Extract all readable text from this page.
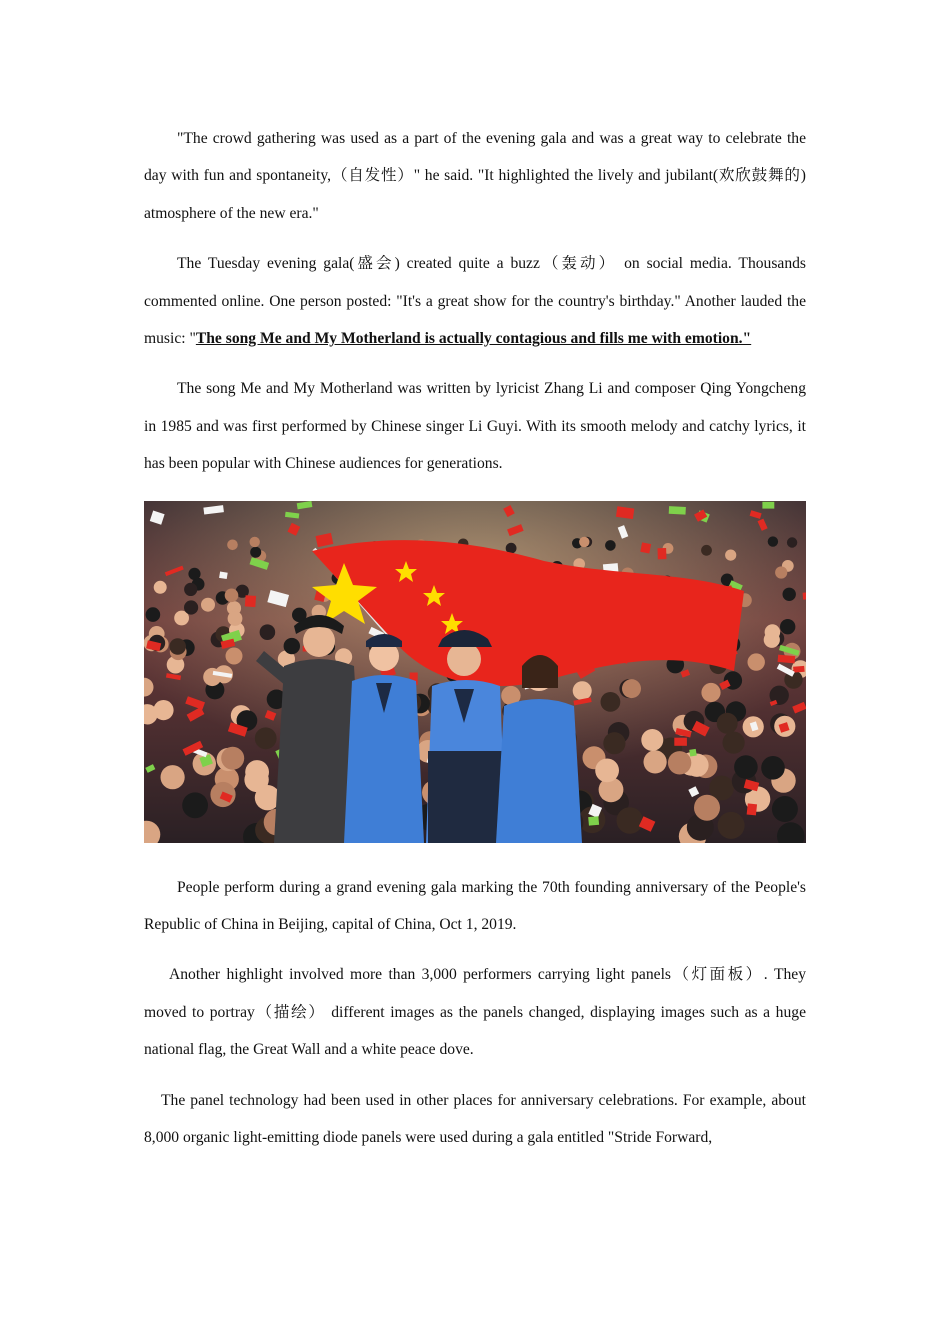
"The crowd gathering was used as a part of the evening gala and was a great way to celebrate the day with fun and spontaneity,（自发性）" he said. "It highlighted the lively and jubilant(欢欣鼓舞的) atmosphere of the new era."

The Tuesday evening gala(盛会) created quite a buzz（轰动） on social media. Thousands commented online. One person posted: "It's a great show for the country's birthday." Another lauded the music: "The song Me and My Motherland is actually contagious and fills me with emotion."

The song Me and My Motherland was written by lyricist Zhang Li and composer Qing Yongcheng in 1985 and was first performed by Chinese singer Li Guyi. With its smooth melody and catchy lyrics, it has been popular with Chinese audiences for generations.

People perform during a grand evening gala marking the 70th founding anniversary of the People's Republic of China in Beijing, capital of China, Oct 1, 2019.

Another highlight involved more than 3,000 performers carrying light panels（灯面板）. They moved to portray（描绘） different images as the panels changed, displaying images such as a huge national flag, the Great Wall and a white peace dove.

The panel technology had been used in other places for anniversary celebrations. For example, about 8,000 organic light-emitting diode panels were used during a gala entitled "Stride Forward,
